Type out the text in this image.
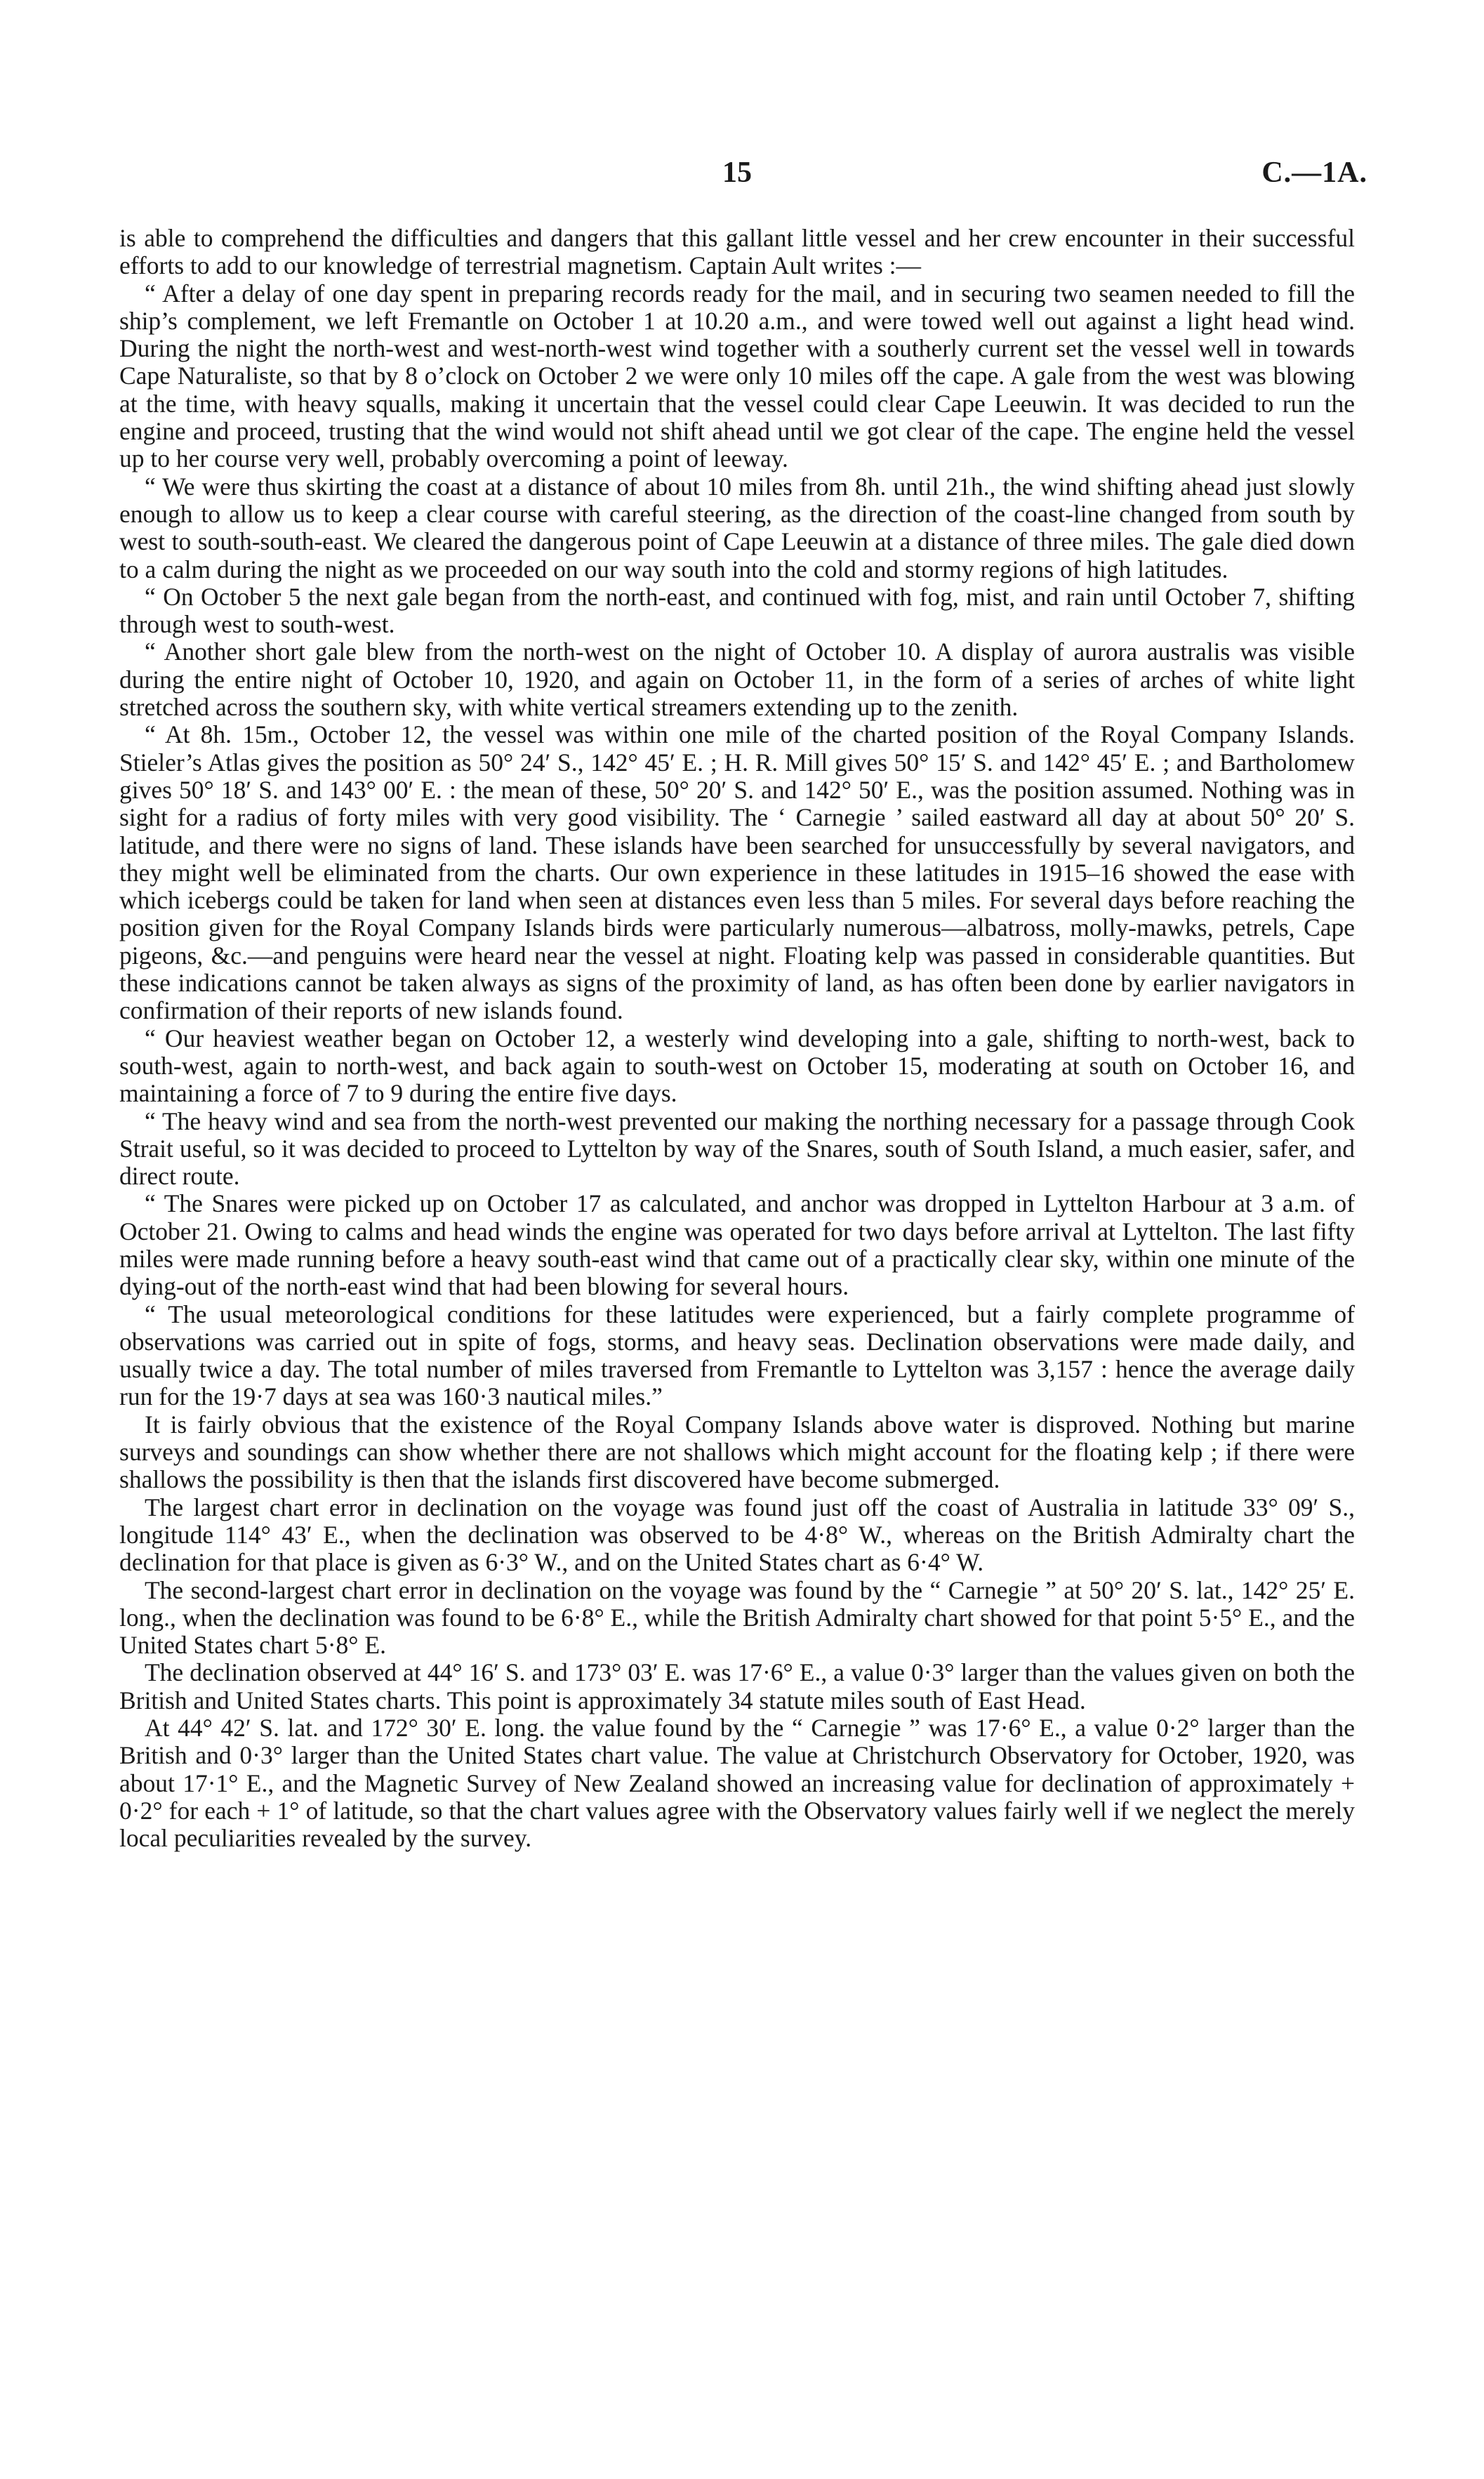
15	C.—1A.

is able to comprehend the difficulties and dangers that this gallant little vessel and her crew encounter in their successful efforts to add to our knowledge of terrestrial magnetism. Captain Ault writes :—

“ After a delay of one day spent in preparing records ready for the mail, and in securing two seamen needed to fill the ship’s complement, we left Fremantle on October 1 at 10.20 a.m., and were towed well out against a light head wind. During the night the north-west and west-north-west wind together with a southerly current set the vessel well in towards Cape Naturaliste, so that by 8 o’clock on October 2 we were only 10 miles off the cape. A gale from the west was blowing at the time, with heavy squalls, making it uncertain that the vessel could clear Cape Leeuwin. It was decided to run the engine and proceed, trusting that the wind would not shift ahead until we got clear of the cape. The engine held the vessel up to her course very well, probably overcoming a point of leeway.

“ We were thus skirting the coast at a distance of about 10 miles from 8h. until 21h., the wind shifting ahead just slowly enough to allow us to keep a clear course with careful steering, as the direction of the coast-line changed from south by west to south-south-east. We cleared the dangerous point of Cape Leeuwin at a distance of three miles. The gale died down to a calm during the night as we proceeded on our way south into the cold and stormy regions of high latitudes.

“ On October 5 the next gale began from the north-east, and continued with fog, mist, and rain until October 7, shifting through west to south-west.

“ Another short gale blew from the north-west on the night of October 10. A display of aurora australis was visible during the entire night of October 10, 1920, and again on October 11, in the form of a series of arches of white light stretched across the southern sky, with white vertical streamers extending up to the zenith.

“ At 8h. 15m., October 12, the vessel was within one mile of the charted position of the Royal Company Islands. Stieler’s Atlas gives the position as 50° 24′ S., 142° 45′ E. ; H. R. Mill gives 50° 15′ S. and 142° 45′ E. ; and Bartholomew gives 50° 18′ S. and 143° 00′ E. : the mean of these, 50° 20′ S. and 142° 50′ E., was the position assumed. Nothing was in sight for a radius of forty miles with very good visibility. The ‘ Carnegie ’ sailed eastward all day at about 50° 20′ S. latitude, and there were no signs of land. These islands have been searched for unsuccessfully by several navigators, and they might well be eliminated from the charts. Our own experience in these latitudes in 1915–16 showed the ease with which icebergs could be taken for land when seen at distances even less than 5 miles. For several days before reaching the position given for the Royal Company Islands birds were particularly numerous—albatross, molly-mawks, petrels, Cape pigeons, &c.—and penguins were heard near the vessel at night. Floating kelp was passed in considerable quantities. But these indications cannot be taken always as signs of the proximity of land, as has often been done by earlier navigators in confirmation of their reports of new islands found.

“ Our heaviest weather began on October 12, a westerly wind developing into a gale, shifting to north-west, back to south-west, again to north-west, and back again to south-west on October 15, moderating at south on October 16, and maintaining a force of 7 to 9 during the entire five days.

“ The heavy wind and sea from the north-west prevented our making the northing necessary for a passage through Cook Strait useful, so it was decided to proceed to Lyttelton by way of the Snares, south of South Island, a much easier, safer, and direct route.

“ The Snares were picked up on October 17 as calculated, and anchor was dropped in Lyttelton Harbour at 3 a.m. of October 21. Owing to calms and head winds the engine was operated for two days before arrival at Lyttelton. The last fifty miles were made running before a heavy south-east wind that came out of a practically clear sky, within one minute of the dying-out of the north-east wind that had been blowing for several hours.

“ The usual meteorological conditions for these latitudes were experienced, but a fairly complete programme of observations was carried out in spite of fogs, storms, and heavy seas. Declination observations were made daily, and usually twice a day. The total number of miles traversed from Fremantle to Lyttelton was 3,157 : hence the average daily run for the 19·7 days at sea was 160·3 nautical miles.”

It is fairly obvious that the existence of the Royal Company Islands above water is disproved. Nothing but marine surveys and soundings can show whether there are not shallows which might account for the floating kelp ; if there were shallows the possibility is then that the islands first discovered have become submerged.

The largest chart error in declination on the voyage was found just off the coast of Australia in latitude 33° 09′ S., longitude 114° 43′ E., when the declination was observed to be 4·8° W., whereas on the British Admiralty chart the declination for that place is given as 6·3° W., and on the United States chart as 6·4° W.

The second-largest chart error in declination on the voyage was found by the “ Carnegie ” at 50° 20′ S. lat., 142° 25′ E. long., when the declination was found to be 6·8° E., while the British Admiralty chart showed for that point 5·5° E., and the United States chart 5·8° E.

The declination observed at 44° 16′ S. and 173° 03′ E. was 17·6° E., a value 0·3° larger than the values given on both the British and United States charts. This point is approximately 34 statute miles south of East Head.

At 44° 42′ S. lat. and 172° 30′ E. long. the value found by the “ Carnegie ” was 17·6° E., a value 0·2° larger than the British and 0·3° larger than the United States chart value. The value at Christchurch Observatory for October, 1920, was about 17·1° E., and the Magnetic Survey of New Zealand showed an increasing value for declination of approximately + 0·2° for each + 1° of latitude, so that the chart values agree with the Observatory values fairly well if we neglect the merely local peculiarities revealed by the survey.
